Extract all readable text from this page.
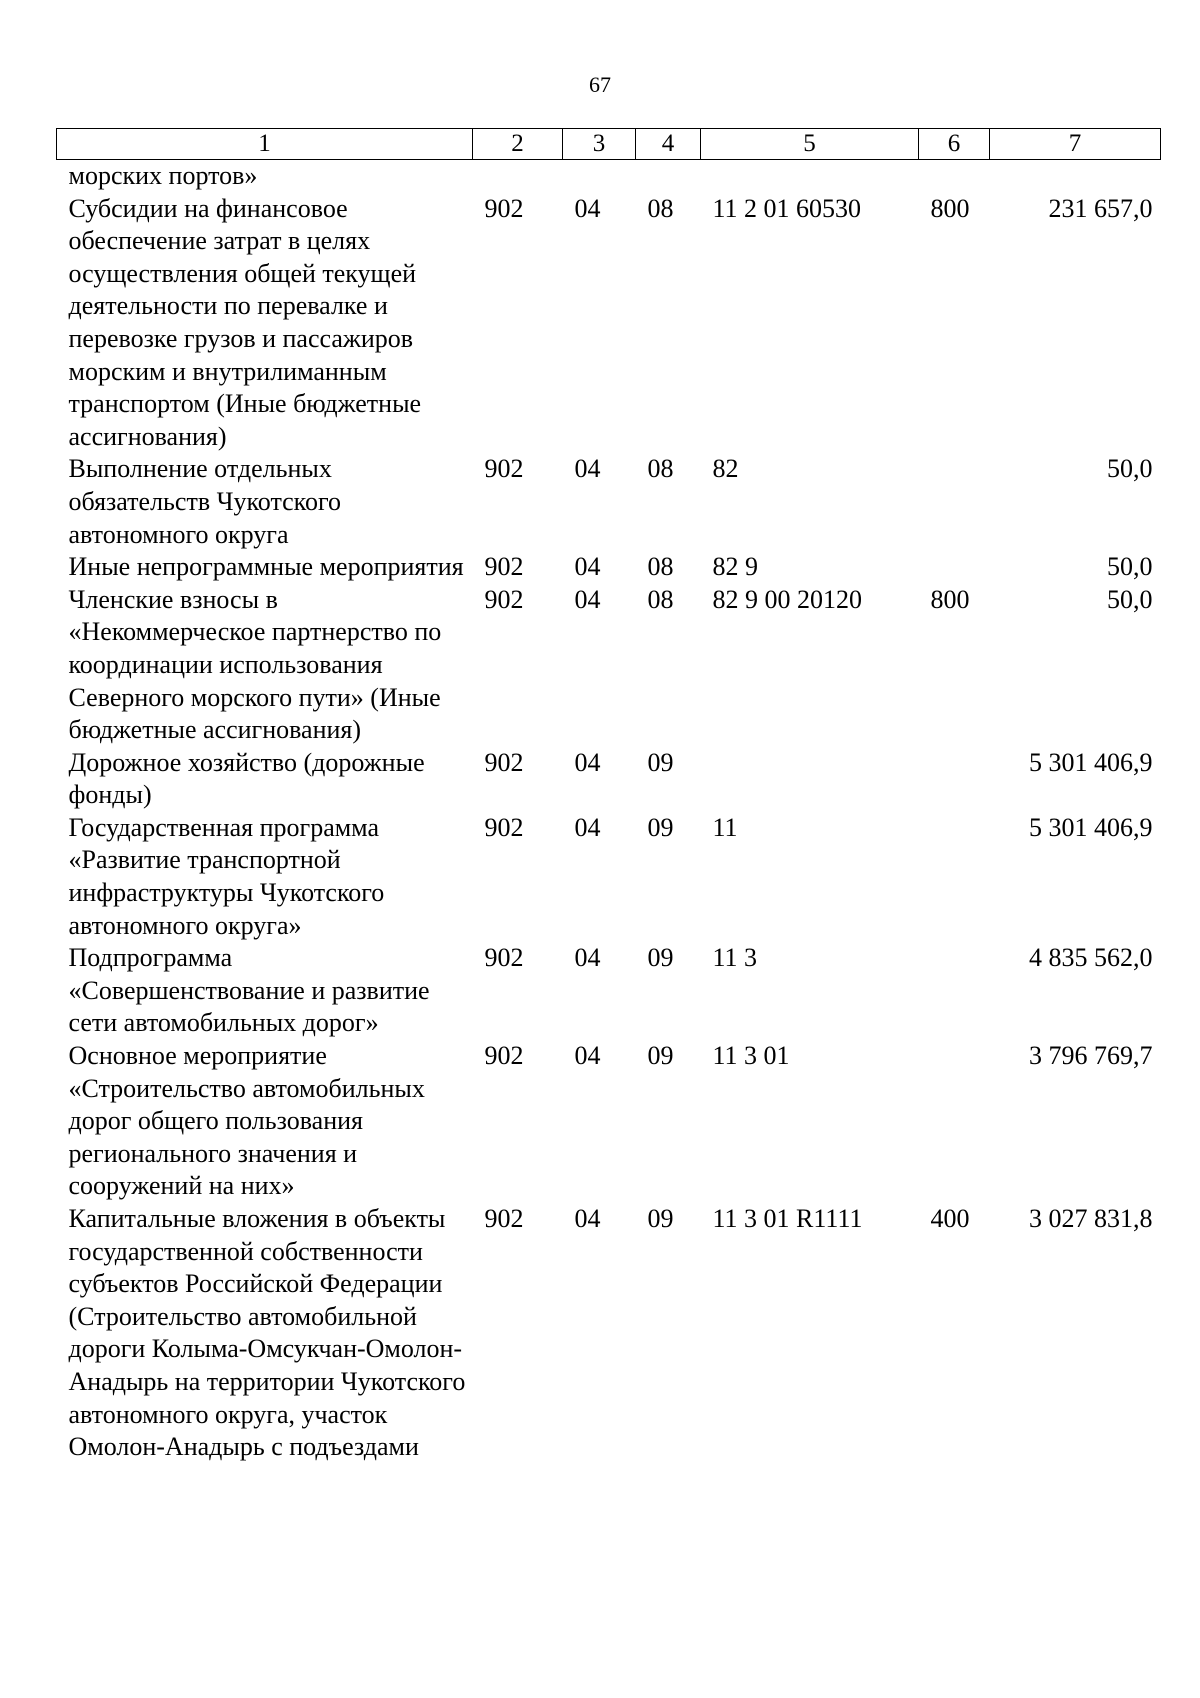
67
1	2	3	4	5	6	7
морских портов»						
Субсидии на финансовое обеспечение затрат в целях осуществления общей текущей деятельности по перевалке и перевозке грузов и пассажиров морским и внутрилиманным транспортом (Иные бюджетные ассигнования)	902	04	08	11 2 01 60530	800	231 657,0
Выполнение отдельных обязательств Чукотского автономного округа	902	04	08	82		50,0
Иные непрограммные мероприятия	902	04	08	82 9		50,0
Членские взносы в «Некоммерческое партнерство по координации использования Северного морского пути» (Иные бюджетные ассигнования)	902	04	08	82 9 00 20120	800	50,0
Дорожное хозяйство (дорожные фонды)	902	04	09			5 301 406,9
Государственная программа «Развитие транспортной инфраструктуры Чукотского автономного округа»	902	04	09	11		5 301 406,9
Подпрограмма «Совершенствование и развитие сети автомобильных дорог»	902	04	09	11 3		4 835 562,0
Основное мероприятие «Строительство автомобильных дорог общего пользования регионального значения и сооружений на них»	902	04	09	11 3 01		3 796 769,7
Капитальные вложения в объекты государственной собственности субъектов Российской Федерации (Строительство автомобильной дороги Колыма-Омсукчан-Омолон-Анадырь на территории Чукотского автономного округа, участок Омолон-Анадырь с подъездами	902	04	09	11 3 01 R1111	400	3 027 831,8
